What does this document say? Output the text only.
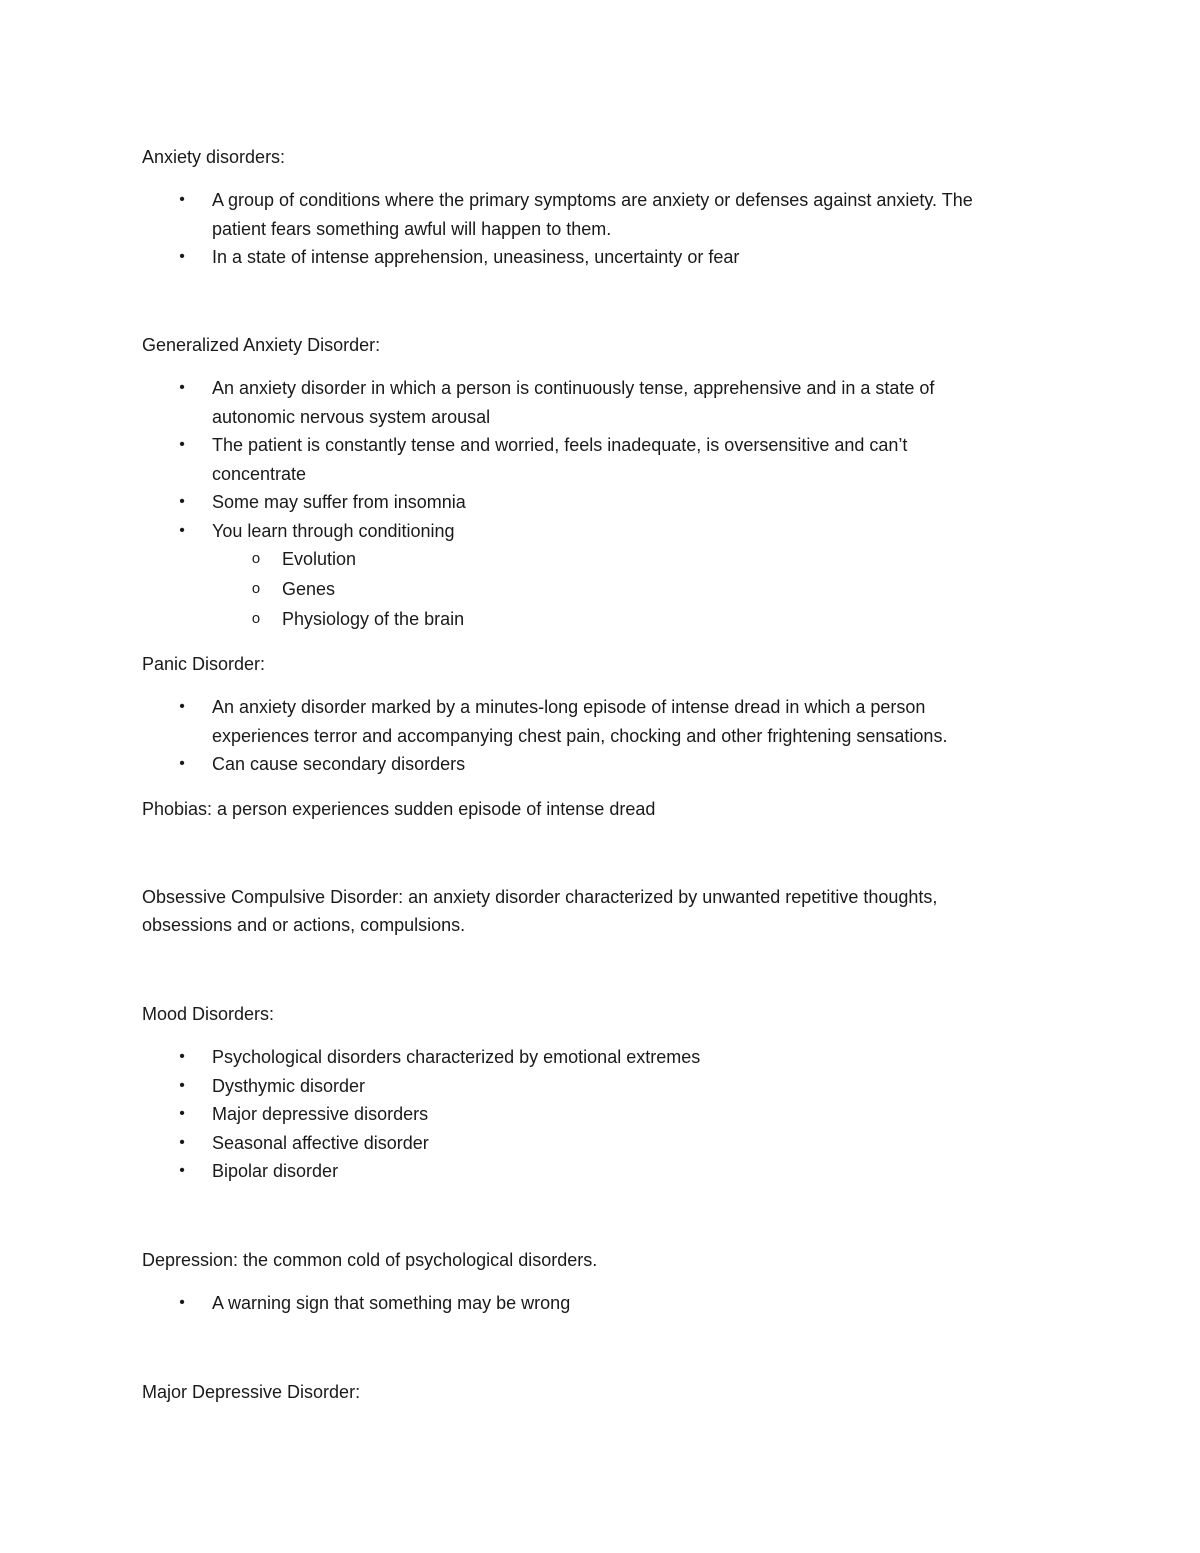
Anxiety disorders:

•	A group of conditions where the primary symptoms are anxiety or defenses against anxiety. The
patient fears something awful will happen to them.
•	In a state of intense apprehension, uneasiness, uncertainty or fear

Generalized Anxiety Disorder:

•	An anxiety disorder in which a person is continuously tense, apprehensive and in a state of
autonomic nervous system arousal
•	The patient is constantly tense and worried, feels inadequate, is oversensitive and can’t
concentrate
•	Some may suffer from insomnia
•	You learn through conditioning
o Evolution
o Genes
o Physiology of the brain

Panic Disorder:

•	An anxiety disorder marked by a minutes-long episode of intense dread in which a person
experiences terror and accompanying chest pain, chocking and other frightening sensations.
•	Can cause secondary disorders

Phobias: a person experiences sudden episode of intense dread

Obsessive Compulsive Disorder: an anxiety disorder characterized by unwanted repetitive thoughts,
obsessions and or actions, compulsions.

Mood Disorders:

•	Psychological disorders characterized by emotional extremes
•	Dysthymic disorder
•	Major depressive disorders
•	Seasonal affective disorder
•	Bipolar disorder

Depression: the common cold of psychological disorders.

•	A warning sign that something may be wrong

Major Depressive Disorder:
